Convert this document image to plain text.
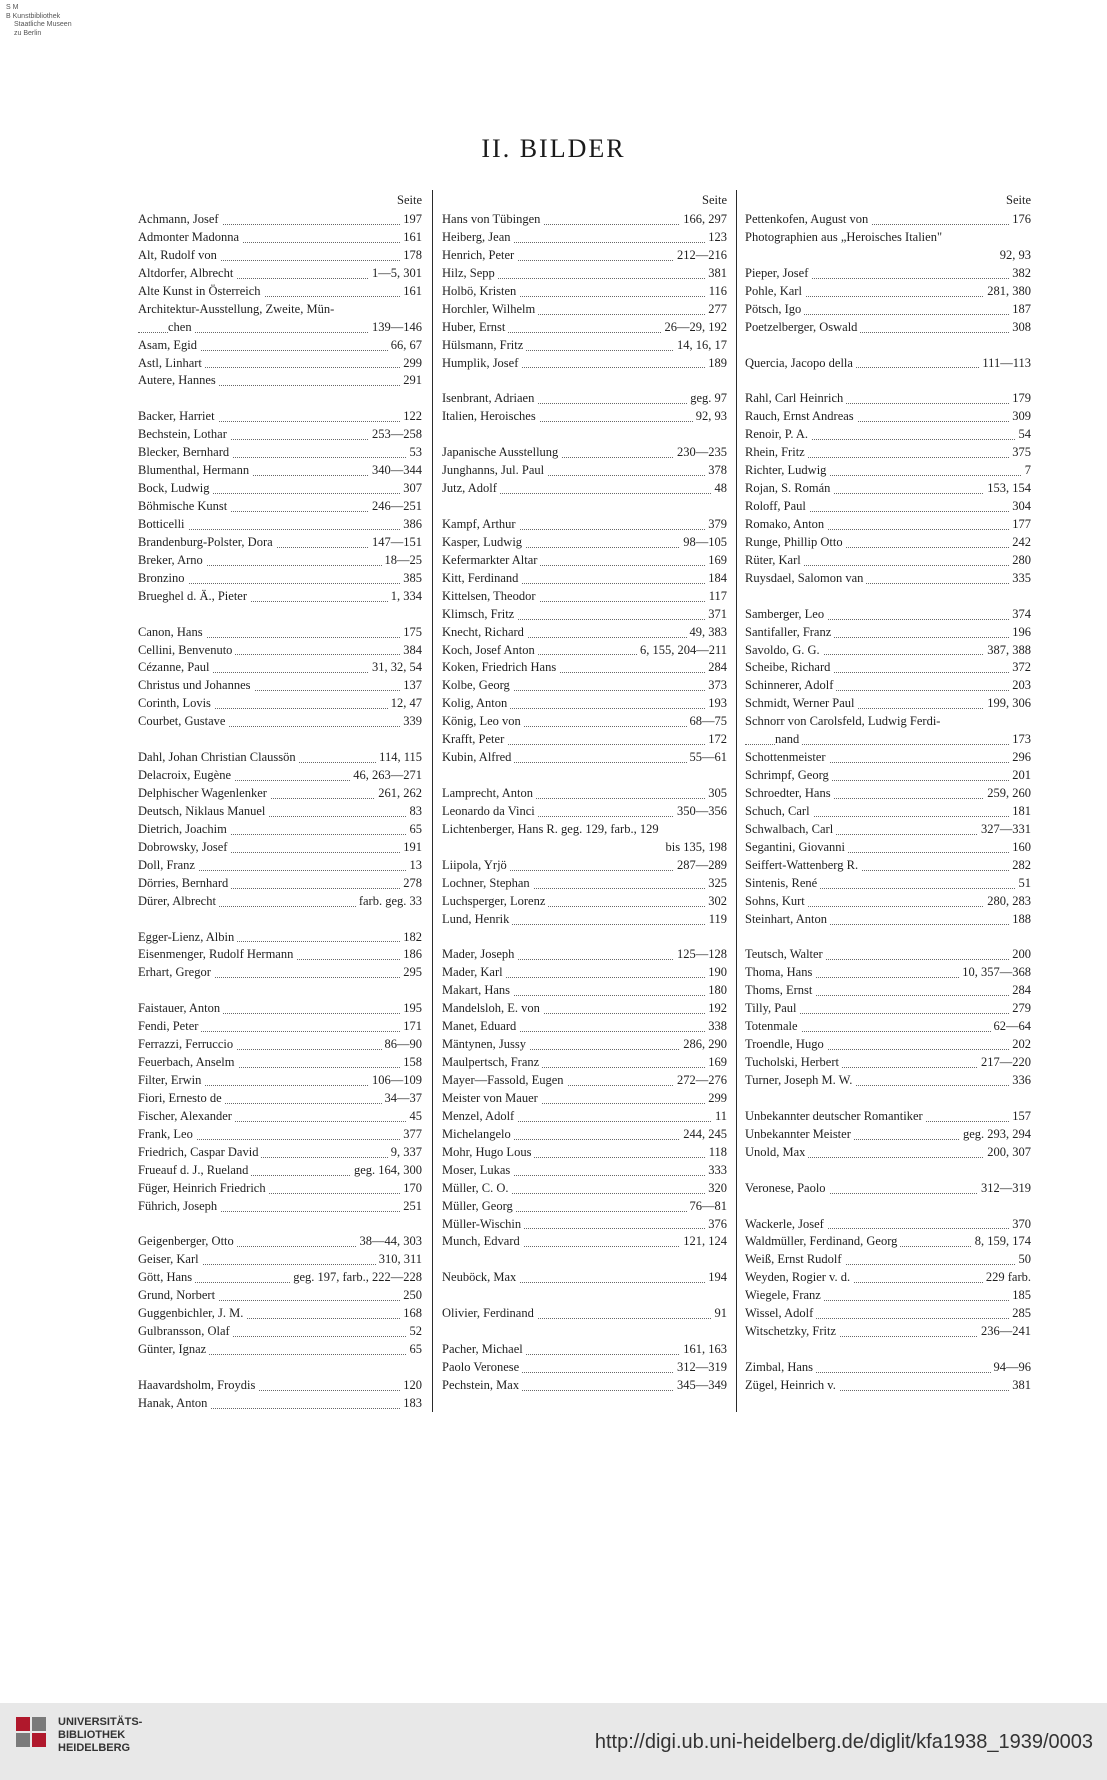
S M
B Kunstbibliothek
Staatliche Museen
zu Berlin
II. BILDER
Seite
Achmann, Josef	197
Admonter Madonna	161
Alt, Rudolf von	178
Altdorfer, Albrecht	1—5, 301
Alte Kunst in Österreich	161
Architektur-Ausstellung, Zweite, Mün-
chen	139—146
Asam, Egid	66, 67
Astl, Linhart	299
Autere, Hannes	291
Backer, Harriet	122
Bechstein, Lothar	253—258
Blecker, Bernhard	53
Blumenthal, Hermann	340—344
Bock, Ludwig	307
Böhmische Kunst	246—251
Botticelli	386
Brandenburg-Polster, Dora	147—151
Breker, Arno	18—25
Bronzino	385
Brueghel d. Ä., Pieter	1, 334
Canon, Hans	175
Cellini, Benvenuto	384
Cézanne, Paul	31, 32, 54
Christus und Johannes	137
Corinth, Lovis	12, 47
Courbet, Gustave	339
Dahl, Johan Christian Claussön	114, 115
Delacroix, Eugène	46, 263—271
Delphischer Wagenlenker	261, 262
Deutsch, Niklaus Manuel	83
Dietrich, Joachim	65
Dobrowsky, Josef	191
Doll, Franz	13
Dörries, Bernhard	278
Dürer, Albrecht	farb. geg. 33
Egger-Lienz, Albin	182
Eisenmenger, Rudolf Hermann	186
Erhart, Gregor	295
Faistauer, Anton	195
Fendi, Peter	171
Ferrazzi, Ferruccio	86—90
Feuerbach, Anselm	158
Filter, Erwin	106—109
Fiori, Ernesto de	34—37
Fischer, Alexander	45
Frank, Leo	377
Friedrich, Caspar David	9, 337
Frueauf d. J., Rueland	geg. 164, 300
Füger, Heinrich Friedrich	170
Führich, Joseph	251
Geigenberger, Otto	38—44, 303
Geiser, Karl	310, 311
Gött, Hans	geg. 197, farb., 222—228
Grund, Norbert	250
Guggenbichler, J. M.	168
Gulbransson, Olaf	52
Günter, Ignaz	65
Haavardsholm, Froydis	120
Hanak, Anton	183
Seite
Hans von Tübingen	166, 297
Heiberg, Jean	123
Henrich, Peter	212—216
Hilz, Sepp	381
Holbö, Kristen	116
Horchler, Wilhelm	277
Huber, Ernst	26—29, 192
Hülsmann, Fritz	14, 16, 17
Humplik, Josef	189
Isenbrant, Adriaen	geg. 97
Italien, Heroisches	92, 93
Japanische Ausstellung	230—235
Junghanns, Jul. Paul	378
Jutz, Adolf	48
Kampf, Arthur	379
Kasper, Ludwig	98—105
Kefermarkter Altar	169
Kitt, Ferdinand	184
Kittelsen, Theodor	117
Klimsch, Fritz	371
Knecht, Richard	49, 383
Koch, Josef Anton	6, 155, 204—211
Koken, Friedrich Hans	284
Kolbe, Georg	373
Kolig, Anton	193
König, Leo von	68—75
Krafft, Peter	172
Kubin, Alfred	55—61
Lamprecht, Anton	305
Leonardo da Vinci	350—356
Lichtenberger, Hans R. geg. 129, farb., 129
bis 135, 198
Liipola, Yrjö	287—289
Lochner, Stephan	325
Luchsperger, Lorenz	302
Lund, Henrik	119
Mader, Joseph	125—128
Mader, Karl	190
Makart, Hans	180
Mandelsloh, E. von	192
Manet, Eduard	338
Mäntynen, Jussy	286, 290
Maulpertsch, Franz	169
Mayer—Fassold, Eugen	272—276
Meister von Mauer	299
Menzel, Adolf	11
Michelangelo	244, 245
Mohr, Hugo Lous	118
Moser, Lukas	333
Müller, C. O.	320
Müller, Georg	76—81
Müller-Wischin	376
Munch, Edvard	121, 124
Neuböck, Max	194
Olivier, Ferdinand	91
Pacher, Michael	161, 163
Paolo Veronese	312—319
Pechstein, Max	345—349
Seite
Pettenkofen, August von	176
Photographien aus „Heroisches Italien"
92, 93
Pieper, Josef	382
Pohle, Karl	281, 380
Pötsch, Igo	187
Poetzelberger, Oswald	308
Quercia, Jacopo della	111—113
Rahl, Carl Heinrich	179
Rauch, Ernst Andreas	309
Renoir, P. A.	54
Rhein, Fritz	375
Richter, Ludwig	7
Rojan, S. Román	153, 154
Roloff, Paul	304
Romako, Anton	177
Runge, Phillip Otto	242
Rüter, Karl	280
Ruysdael, Salomon van	335
Samberger, Leo	374
Santifaller, Franz	196
Savoldo, G. G.	387, 388
Scheibe, Richard	372
Schinnerer, Adolf	203
Schmidt, Werner Paul	199, 306
Schnorr von Carolsfeld, Ludwig Ferdi-
nand	173
Schottenmeister	296
Schrimpf, Georg	201
Schroedter, Hans	259, 260
Schuch, Carl	181
Schwalbach, Carl	327—331
Segantini, Giovanni	160
Seiffert-Wattenberg R.	282
Sintenis, René	51
Sohns, Kurt	280, 283
Steinhart, Anton	188
Teutsch, Walter	200
Thoma, Hans	10, 357—368
Thoms, Ernst	284
Tilly, Paul	279
Totenmale	62—64
Troendle, Hugo	202
Tucholski, Herbert	217—220
Turner, Joseph M. W.	336
Unbekannter deutscher Romantiker	157
Unbekannter Meister	geg. 293, 294
Unold, Max	200, 307
Veronese, Paolo	312—319
Wackerle, Josef	370
Waldmüller, Ferdinand, Georg	8, 159, 174
Weiß, Ernst Rudolf	50
Weyden, Rogier v. d.	229 farb.
Wiegele, Franz	185
Wissel, Adolf	285
Witschetzky, Fritz	236—241
Zimbal, Hans	94—96
Zügel, Heinrich v.	381
UNIVERSITÄTS-
BIBLIOTHEK
HEIDELBERG	http://digi.ub.uni-heidelberg.de/diglit/kfa1938_1939/0003
